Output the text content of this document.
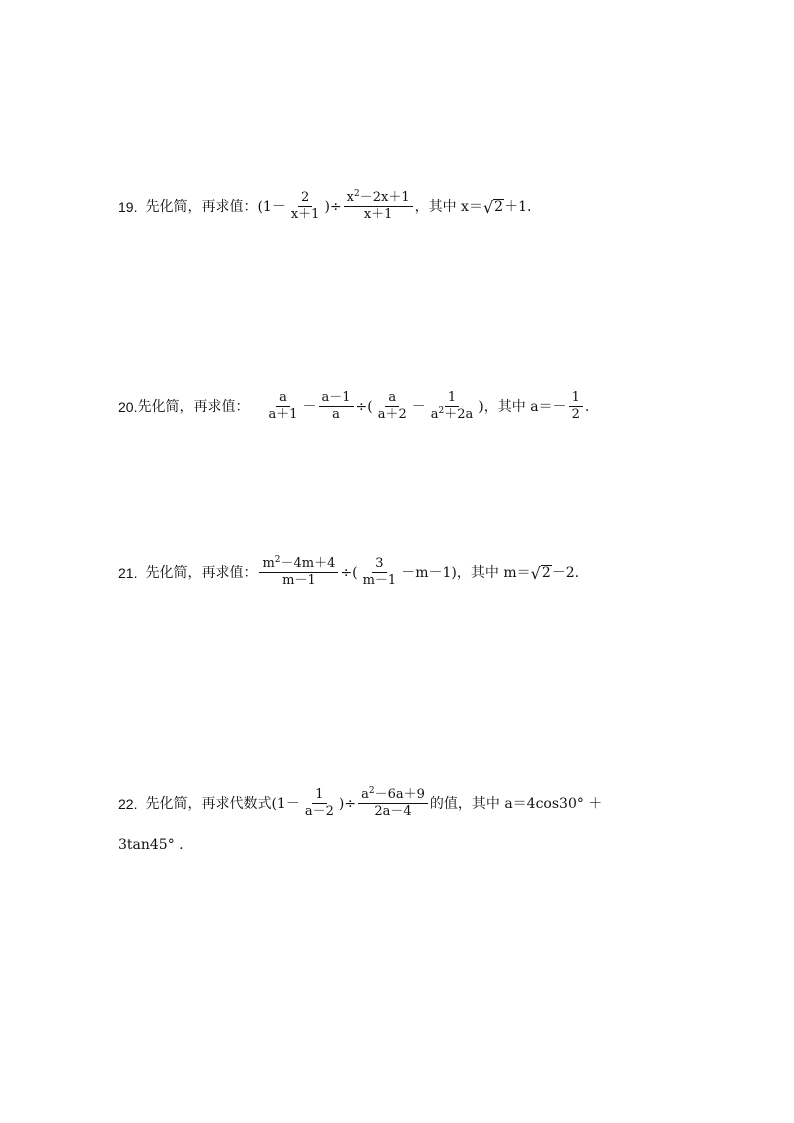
19. 先化简，再求值： ($1- \frac{2}{x+1}$ )÷ $\frac{x^2-2x+1}{x+1}$ ，其中 x＝ √ 2 ＋1.
20. 先化简，再求值： $\frac{a}{a+1} - \frac{a-1}{a}$ ÷( $\frac{a}{a+2} - \frac{1}{a^2+2a}$ )，其中 $a=- \frac{1}{2}$ .
21. 先化简，再求值： $\frac{m^2-4m+4}{m-1}$ ÷( $\frac{3}{m-1} -m-1$) ，其中 m＝ √ 2 －2.
22. 先化简，再求代数式 ($1- \frac{1}{a-2}$ )÷ $\frac{a^2-6a+9}{2a-4}$ 的值，其中 a＝4cos30° ＋
3tan45° .
